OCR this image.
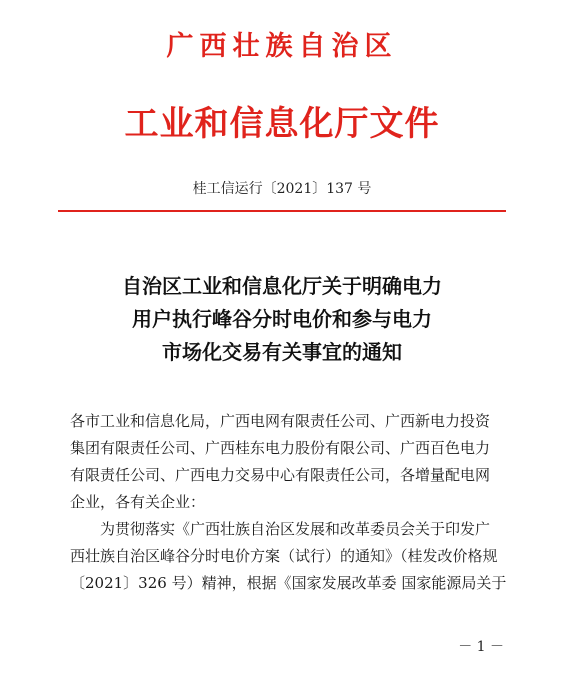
广西壮族自治区
工业和信息化厅文件
桂工信运行〔2021〕137 号
自治区工业和信息化厅关于明确电力
用户执行峰谷分时电价和参与电力
市场化交易有关事宜的通知
各市工业和信息化局，广西电网有限责任公司、广西新电力投资
集团有限责任公司、广西桂东电力股份有限公司、广西百色电力
有限责任公司、广西电力交易中心有限责任公司，各增量配电网
企业，各有关企业：
为贯彻落实《广西壮族自治区发展和改革委员会关于印发广
西壮族自治区峰谷分时电价方案（试行）的通知》（桂发改价格规
〔2021〕326 号）精神，根据《国家发展改革委 国家能源局关于
－ 1 －
